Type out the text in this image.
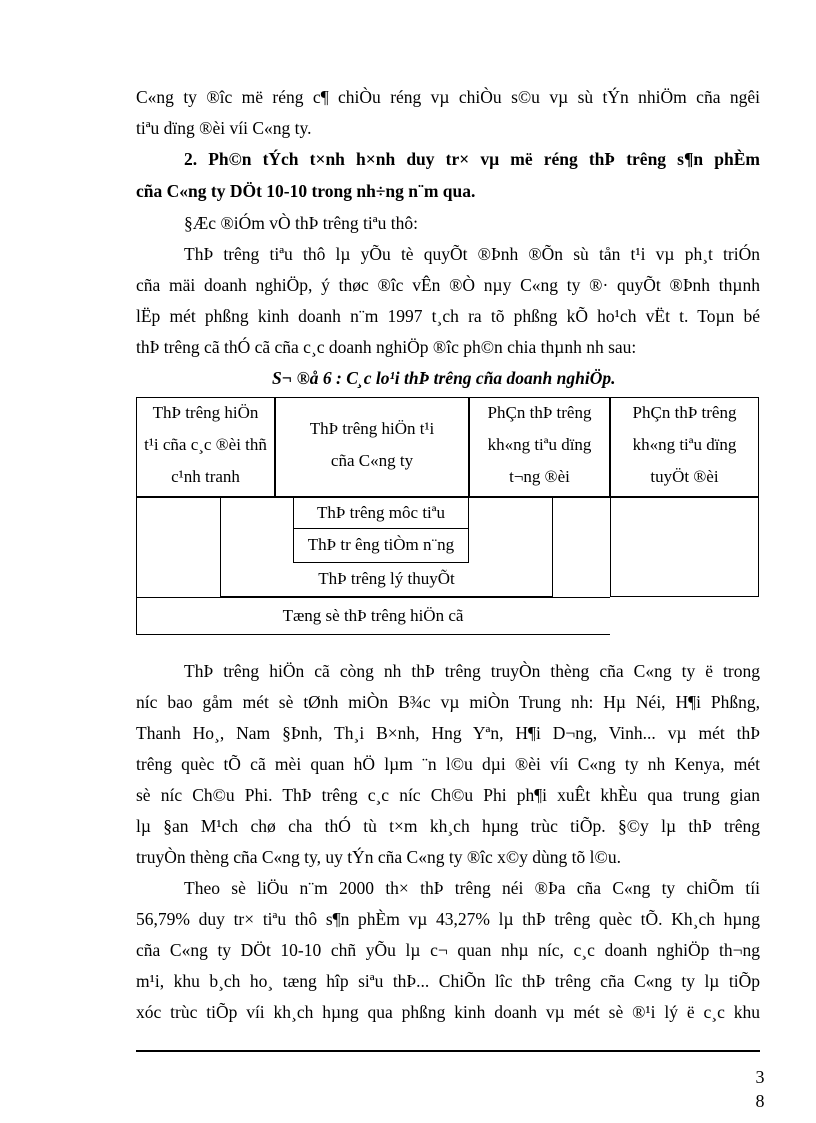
C«ng ty ®îc më réng c¶ chiÒu réng vµ chiÒu s©u vµ sù tÝn nhiÖm cña ngêi
tiªu dïng ®èi víi C«ng ty.
2. Ph©n tÝch t×nh h×nh duy tr× vµ më réng thÞ trêng s¶n phÈm
cña C«ng ty DÖt 10-10 trong nh÷ng n¨m qua.
§Æc ®iÓm vÒ thÞ trêng tiªu thô:
ThÞ trêng tiªu thô lµ yÕu tè quyÕt ®Þnh ®Õn sù tån t¹i vµ ph¸t triÓn
cña mäi doanh nghiÖp, ý thøc ®îc vÊn ®Ò nµy C«ng ty ®· quyÕt ®Þnh thµnh
lËp mét phßng kinh doanh n¨m 1997 t¸ch ra tõ phßng kÕ ho¹ch vËt t. Toµn bé
thÞ trêng cã thÓ cã cña c¸c doanh nghiÖp ®îc ph©n chia thµnh nh sau:
S¬ ®å 6 : C¸c lo¹i thÞ trêng cña doanh nghiÖp.
ThÞ trêng hiÖn
t¹i cña c¸c ®èi thñ
c¹nh tranh
ThÞ trêng hiÖn t¹i
cña C«ng ty
PhÇn thÞ trêng
kh«ng tiªu dïng
t¬ng ®èi
PhÇn thÞ trêng
kh«ng tiªu dïng
tuyÖt ®èi
ThÞ trêng môc tiªu
ThÞ tr êng tiÒm n¨ng
ThÞ trêng lý thuyÕt
Tæng sè thÞ trêng hiÖn cã
ThÞ trêng hiÖn cã còng nh thÞ trêng truyÒn thèng cña C«ng ty ë trong
níc bao gåm mét sè tØnh miÒn B¾c vµ miÒn Trung nh: Hµ Néi, H¶i Phßng,
Thanh Ho¸, Nam §Þnh, Th¸i B×nh, Hng Yªn, H¶i D¬ng, Vinh... vµ mét thÞ
trêng quèc tÕ cã mèi quan hÖ lµm ¨n l©u dµi ®èi víi C«ng ty nh Kenya, mét
sè níc Ch©u Phi. ThÞ trêng c¸c níc Ch©u Phi ph¶i xuÊt khÈu qua trung gian
lµ §an M¹ch chø cha thÓ tù t×m kh¸ch hµng trùc tiÕp. §©y lµ thÞ trêng
truyÒn thèng cña C«ng ty, uy tÝn cña C«ng ty ®îc x©y dùng tõ l©u.
Theo sè liÖu n¨m 2000 th× thÞ trêng néi ®Þa cña C«ng ty chiÕm tíi
56,79% duy tr× tiªu thô s¶n phÈm vµ 43,27% lµ thÞ trêng quèc tÕ. Kh¸ch hµng
cña C«ng ty DÖt 10-10 chñ yÕu lµ c¬ quan nhµ níc, c¸c doanh nghiÖp th¬ng
m¹i, khu b¸ch ho¸ tæng hîp siªu thÞ... ChiÕn lîc thÞ trêng cña C«ng ty lµ tiÕp
xóc trùc tiÕp víi kh¸ch hµng qua phßng kinh doanh vµ mét sè ®¹i lý ë c¸c khu
3
8
